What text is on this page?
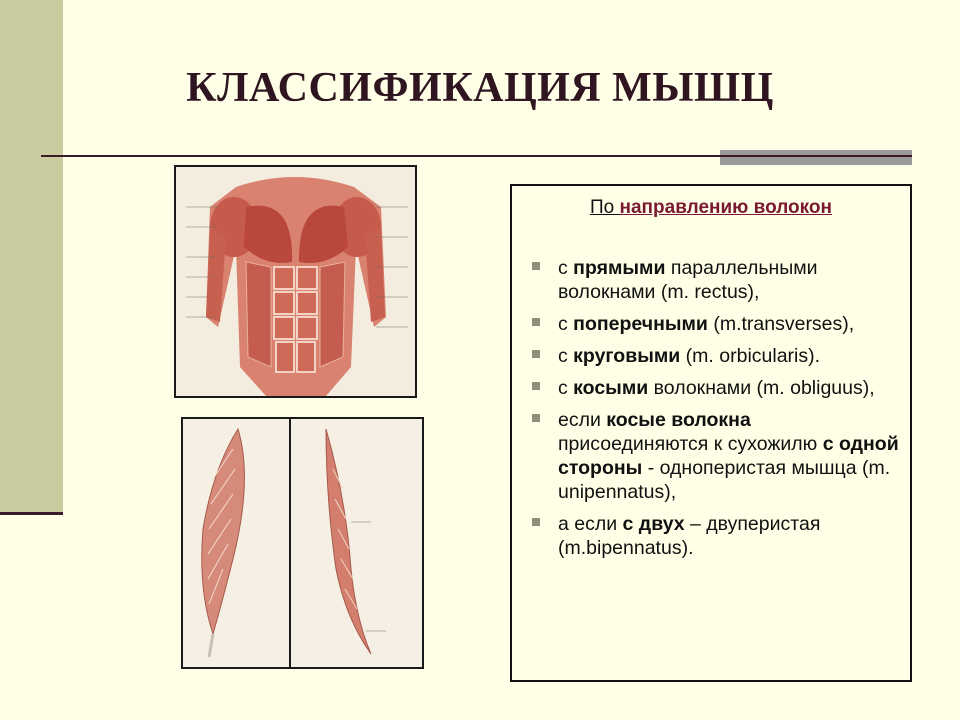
КЛАССИФИКАЦИЯ МЫШЦ
По направлению волокон
с прямыми параллельными волокнами (m. rectus),
с поперечными (m.transverses),
с круговыми (m. orbicularis).
с косыми волокнами (m. obliguus),
если косые волокна присоединяются к сухожилю с одной стороны - одноперистая мышца (m. unipennatus),
а если с двух – двуперистая (m.bipennatus).
